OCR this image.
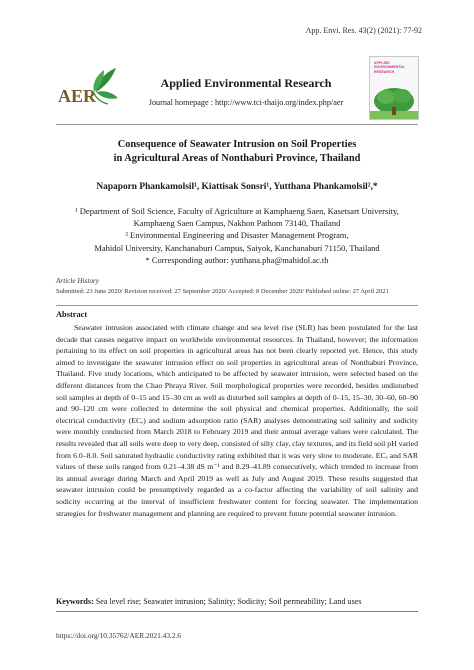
App. Envi. Res. 43(2) (2021): 77-92
AER
Applied Environmental Research
Journal homepage : http://www.tci-thaijo.org/index.php/aer
APPLIED ENVIRONMENTAL RESEARCH
Consequence of Seawater Intrusion on Soil Properties
in Agricultural Areas of Nonthaburi Province, Thailand
Napaporn Phankamolsil¹, Kiattisak Sonsri¹, Yutthana Phankamolsil²,*
¹ Department of Soil Science, Faculty of Agriculture at Kamphaeng Saen, Kasetsart University,
Kamphaeng Saen Campus, Nakhon Pathom 73140, Thailand
² Environmental Engineering and Disaster Management Program,
Mahidol University, Kanchanaburi Campus, Saiyok, Kanchanaburi 71150, Thailand
* Corresponding author: yutthana.pha@mahidol.ac.th
Article History
Submitted: 23 June 2020/ Revision received: 27 September 2020/ Accepted: 8 December 2020/ Published online: 27 April 2021
Abstract
Seawater intrusion associated with climate change and sea level rise (SLR) has been postulated for the last decade that causes negative impact on worldwide environmental resources. In Thailand, however; the information pertaining to its effect on soil properties in agricultural areas has not been clearly reported yet. Hence, this study aimed to investigate the seawater intrusion effect on soil properties in agricultural areas of Nonthaburi Province, Thailand. Five study locations, which anticipated to be affected by seawater intrusion, were selected based on the different distances from the Chao Phraya River. Soil morphological properties were recorded, besides undisturbed soil samples at depth of 0–15 and 15–30 cm as well as disturbed soil samples at depth of 0–15, 15–30, 30–60, 60–90 and 90–120 cm were collected to determine the soil physical and chemical properties. Additionally, the soil electrical conductivity (ECₑ) and sodium adsorption ratio (SAR) analyses demonstrating soil salinity and sodicity were monthly conducted from March 2018 to February 2019 and their annual average values were calculated. The results revealed that all soils were deep to very deep, consisted of silty clay, clay textures, and its field soil pH varied from 6.0–8.0. Soil saturated hydraulic conductivity rating exhibited that it was very slow to moderate. ECₑ and SAR values of these soils ranged from 0.21–4.38 dS m⁻¹ and 8.29–41.89 consecutively, which trended to increase from its annual average during March and April 2019 as well as July and August 2019. These results suggested that seawater intrusion could be presumptively regarded as a co-factor affecting the variability of soil salinity and sodicity occurring at the interval of insufficient freshwater content for forcing seawater. The implementation strategies for freshwater management and planning are required to prevent future potential seawater intrusion.
Keywords: Sea level rise; Seawater intrusion; Salinity; Sodicity; Soil permeability; Land uses
https://doi.org/10.35762/AER.2021.43.2.6
